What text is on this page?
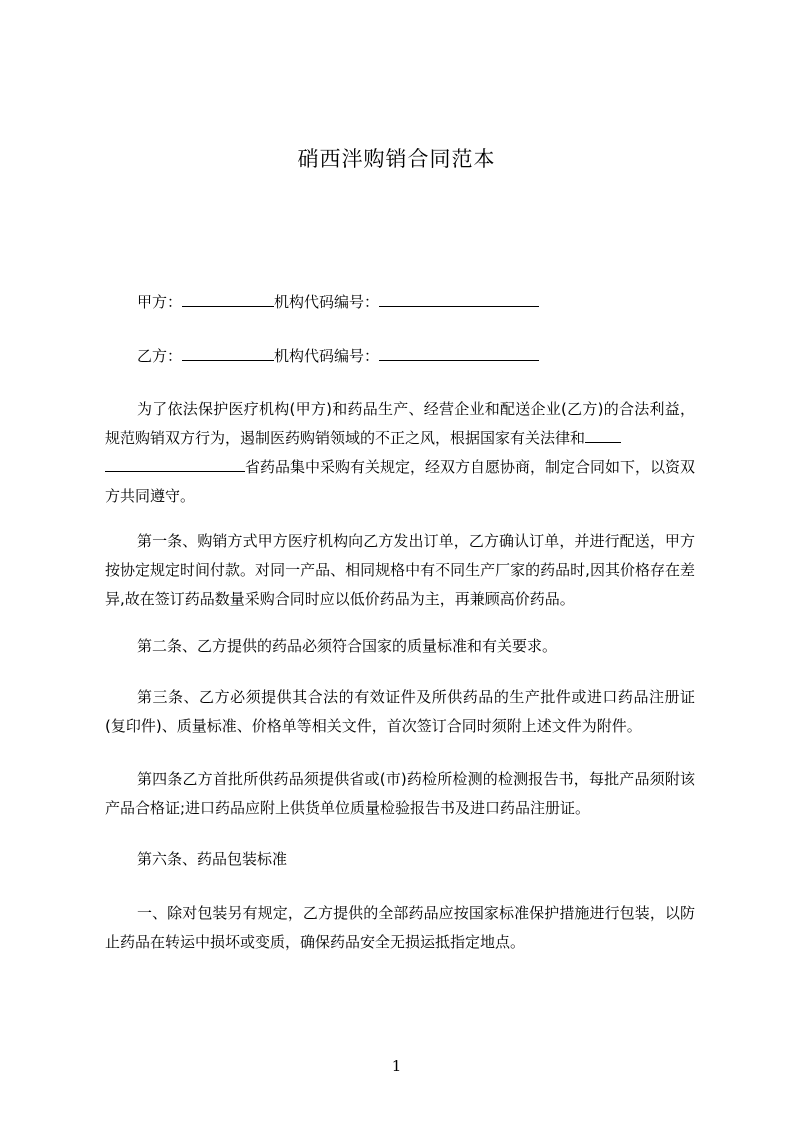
硝西泮购销合同范本
甲方：	机构代码编号：
乙方：	机构代码编号：
为了依法保护医疗机构(甲方)和药品生产、经营企业和配送企业(乙方)的合法利益，规范购销双方行为，遏制医药购销领域的不正之风，根据国家有关法律和
省药品集中采购有关规定，经双方自愿协商，制定合同如下，以资双方共同遵守。
第一条、购销方式甲方医疗机构向乙方发出订单，乙方确认订单，并进行配送，甲方按协定规定时间付款。对同一产品、相同规格中有不同生产厂家的药品时,因其价格存在差异,故在签订药品数量采购合同时应以低价药品为主，再兼顾高价药品。
第二条、乙方提供的药品必须符合国家的质量标准和有关要求。
第三条、乙方必须提供其合法的有效证件及所供药品的生产批件或进口药品注册证(复印件)、质量标准、价格单等相关文件，首次签订合同时须附上述文件为附件。
第四条乙方首批所供药品须提供省或(市)药检所检测的检测报告书，每批产品须附该产品合格证;进口药品应附上供货单位质量检验报告书及进口药品注册证。
第六条、药品包装标准
一、除对包装另有规定，乙方提供的全部药品应按国家标准保护措施进行包装，以防止药品在转运中损坏或变质，确保药品安全无损运抵指定地点。
1
